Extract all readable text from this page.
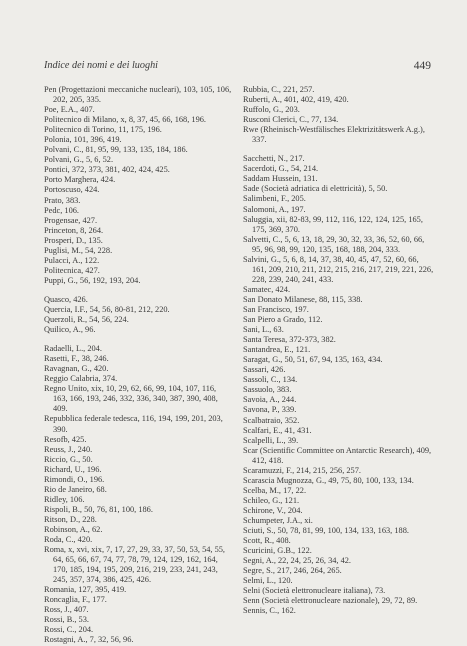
Indice dei nomi e dei luoghi	449
Pen (Progettazioni meccaniche nucleari), 103, 105, 106, 202, 205, 335.
Poe, E.A., 407.
Politecnico di Milano, x, 8, 37, 45, 66, 168, 196.
Politecnico di Torino, 11, 175, 196.
Polonia, 101, 396, 419.
Polvani, C., 81, 95, 99, 133, 135, 184, 186.
Polvani, G., 5, 6, 52.
Pontici, 372, 373, 381, 402, 424, 425.
Porto Marghera, 424.
Portoscuso, 424.
Prato, 383.
Pedc, 106.
Progensae, 427.
Princeton, 8, 264.
Prosperi, D., 135.
Puglisi, M., 54, 228.
Pulacci, A., 122.
Politecnica, 427.
Puppi, G., 56, 192, 193, 204.
Quasco, 426.
Quercia, I.F., 54, 56, 80-81, 212, 220.
Querzoli, R., 54, 56, 224.
Quilico, A., 96.
Radaelli, L., 204.
Rasetti, F., 38, 246.
Ravagnan, G., 420.
Reggio Calabria, 374.
Regno Unito, xix, 10, 29, 62, 66, 99, 104, 107, 116, 163, 166, 193, 246, 332, 336, 340, 387, 390, 408, 409.
Repubblica federale tedesca, 116, 194, 199, 201, 203, 390.
Resofb, 425.
Reuss, J., 240.
Riccio, G., 50.
Richard, U., 196.
Rimondi, O., 196.
Rio de Janeiro, 68.
Ridley, 106.
Rispoli, B., 50, 76, 81, 100, 186.
Ritson, D., 228.
Robinson, A., 62.
Roda, C., 420.
Roma, x, xvi, xix, 7, 17, 27, 29, 33, 37, 50, 53, 54, 55, 64, 65, 66, 67, 74, 77, 78, 79, 124, 129, 162, 164, 170, 185, 194, 195, 209, 216, 219, 233, 241, 243, 245, 357, 374, 386, 425, 426.
Romania, 127, 395, 419.
Roncaglia, F., 177.
Ross, J., 407.
Rossi, B., 53.
Rossi, C., 204.
Rostagni, A., 7, 32, 56, 96.
Rubbia, C., 221, 257.
Ruberti, A., 401, 402, 419, 420.
Ruffolo, G., 203.
Rusconi Clerici, C., 77, 134.
Rwe (Rheinisch-Westfälisches Elektrizitätswerk A.g.), 337.
Sacchetti, N., 217.
Sacerdoti, G., 54, 214.
Saddam Hussein, 131.
Sade (Società adriatica di elettricità), 5, 50.
Salimbeni, F., 205.
Salomoni, A., 197.
Saluggia, xii, 82-83, 99, 112, 116, 122, 124, 125, 165, 175, 369, 370.
Salvetti, C., 5, 6, 13, 18, 29, 30, 32, 33, 36, 52, 60, 66, 95, 96, 98, 99, 120, 135, 168, 188, 204, 333.
Salvini, G., 5, 6, 8, 14, 37, 38, 40, 45, 47, 52, 60, 66, 161, 209, 210, 211, 212, 215, 216, 217, 219, 221, 226, 228, 239, 240, 241, 433.
Samatec, 424.
San Donato Milanese, 88, 115, 338.
San Francisco, 197.
San Piero a Grado, 112.
Sani, L., 63.
Santa Teresa, 372-373, 382.
Santandrea, E., 121.
Saragat, G., 50, 51, 67, 94, 135, 163, 434.
Sassari, 426.
Sassoli, C., 134.
Sassuolo, 383.
Savoia, A., 244.
Savona, P., 339.
Scalbatraio, 352.
Scalfari, E., 41, 431.
Scalpelli, L., 39.
Scar (Scientific Committee on Antarctic Research), 409, 412, 418.
Scaramuzzi, F., 214, 215, 256, 257.
Scarascia Mugnozza, G., 49, 75, 80, 100, 133, 134.
Scelba, M., 17, 22.
Schileo, G., 121.
Schirone, V., 204.
Schumpeter, J.A., xi.
Sciuti, S., 50, 78, 81, 99, 100, 134, 133, 163, 188.
Scott, R., 408.
Scuricini, G.B., 122.
Segni, A., 22, 24, 25, 26, 34, 42.
Segre, S., 217, 246, 264, 265.
Selmi, L., 120.
Selni (Società elettronucleare italiana), 73.
Senn (Società elettronucleare nazionale), 29, 72, 89.
Sennis, C., 162.
